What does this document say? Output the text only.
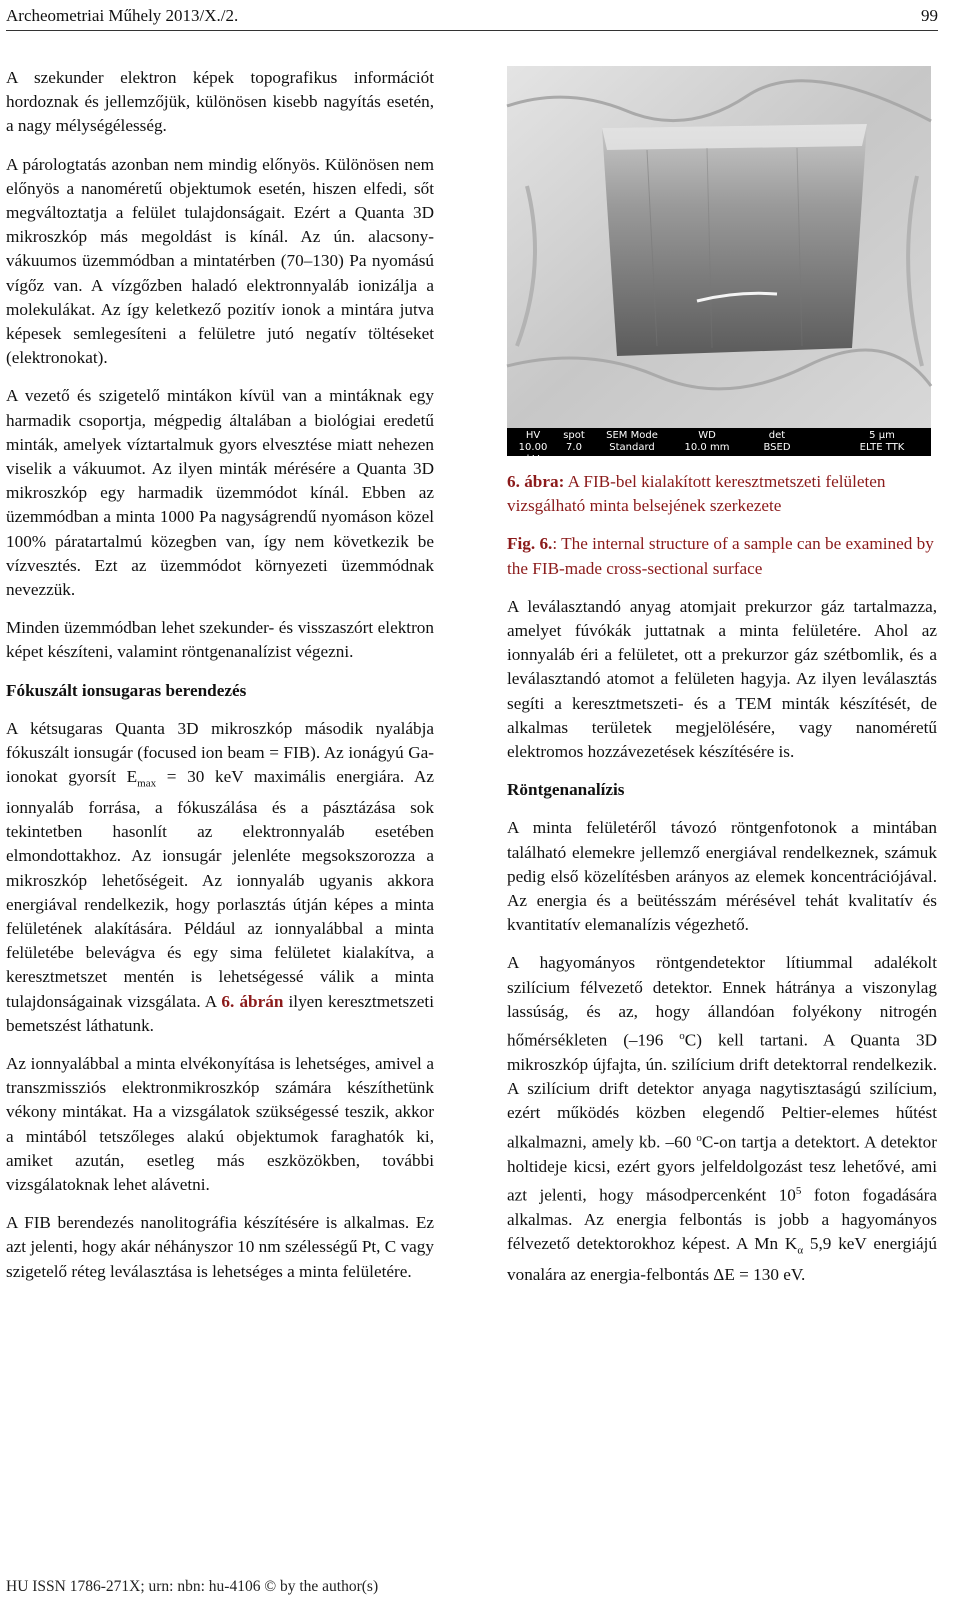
Archeometriai Műhely 2013/X./2.	99

A szekunder elektron képek topografikus információt hordoznak és jellemzőjük, különösen kisebb nagyítás esetén, a nagy mélységélesség.

A párologtatás azonban nem mindig előnyös. Különösen nem előnyös a nanoméretű objektumok esetén, hiszen elfedi, sőt megváltoztatja a felület tulajdonságait. Ezért a Quanta 3D mikroszkóp más megoldást is kínál. Az ún. alacsony-vákuumos üzemmódban a mintatérben (70–130) Pa nyomású vígőz van. A vízgőzben haladó elektronnyaláb ionizálja a molekulákat. Az így keletkező pozitív ionok a mintára jutva képesek semlegesíteni a felületre jutó negatív töltéseket (elektronokat).

A vezető és szigetelő mintákon kívül van a mintáknak egy harmadik csoportja, mégpedig általában a biológiai eredetű minták, amelyek víztartalmuk gyors elvesztése miatt nehezen viselik a vákuumot. Az ilyen minták mérésére a Quanta 3D mikroszkóp egy harmadik üzemmódot kínál. Ebben az üzemmódban a minta 1000 Pa nagyságrendű nyomáson közel 100% páratartalmú közegben van, így nem következik be vízvesztés. Ezt az üzemmódot környezeti üzemmódnak nevezzük.

Minden üzemmódban lehet szekunder- és visszaszórt elektron képet készíteni, valamint röntgenanalízist végezni.

Fókuszált ionsugaras berendezés

A kétsugaras Quanta 3D mikroszkóp második nyalábja fókuszált ionsugár (focused ion beam = FIB). Az ionágyú Ga-ionokat gyorsít $E_{max} = 30$ keV maximális energiára. Az ionnyaláb forrása, a fókuszálása és a pásztázása sok tekintetben hasonlít az elektronnyaláb esetében elmondottakhoz. Az ionsugár jelenléte megsokszorozza a mikroszkóp lehetőségeit. Az ionnyaláb ugyanis akkora energiával rendelkezik, hogy porlasztás útján képes a minta felületének alakítására. Például az ionnyalábbal a minta felületébe belevágva és egy sima felületet kialakítva, a keresztmetszet mentén is lehetségessé válik a minta tulajdonságainak vizsgálata. A 6. ábrán ilyen keresztmetszeti bemetszést láthatunk.

Az ionnyalábbal a minta elvékonyítása is lehetséges, amivel a transzmissziós elektronmikroszkóp számára készíthetünk vékony mintákat. Ha a vizsgálatok szükségessé teszik, akkor a mintából tetszőleges alakú objektumok faraghatók ki, amiket azután, esetleg más eszközökben, további vizsgálatoknak lehet alávetni.

A FIB berendezés nanolitográfia készítésére is alkalmas. Ez azt jelenti, hogy akár néhányszor 10 nm szélességű Pt, C vagy szigetelő réteg leválasztása is lehetséges a minta felületére.

HV
10.00 kV
spot
7.0
SEM Mode
Standard
WD
10.0 mm
det
BSED
5 µm
ELTE TTK

6. ábra: A FIB-bel kialakított keresztmetszeti felületen vizsgálható minta belsejének szerkezete

Fig. 6.: The internal structure of a sample can be examined by the FIB-made cross-sectional surface

A leválasztandó anyag atomjait prekurzor gáz tartalmazza, amelyet fúvókák juttatnak a minta felületére. Ahol az ionnyaláb éri a felületet, ott a prekurzor gáz szétbomlik, és a leválasztandó atomot a felületen hagyja. Az ilyen leválasztás segíti a keresztmetszeti- és a TEM minták készítését, de alkalmas területek megjelölésére, vagy nanoméretű elektromos hozzávezetések készítésére is.

Röntgenanalízis

A minta felületéről távozó röntgenfotonok a mintában található elemekre jellemző energiával rendelkeznek, számuk pedig első közelítésben arányos az elemek koncentrációjával. Az energia és a beütésszám mérésével tehát kvalitatív és kvantitatív elemanalízis végezhető.

A hagyományos röntgendetektor lítiummal adalékolt szilícium félvezető detektor. Ennek hátránya a viszonylag lassúság, és az, hogy állandóan folyékony nitrogén hőmérsékleten (–196 $^o$C) kell tartani. A Quanta 3D mikroszkóp újfajta, ún. szilícium drift detektorral rendelkezik. A szilícium drift detektor anyaga nagytisztaságú szilícium, ezért működés közben elegendő Peltier-elemes hűtést alkalmazni, amely kb. –60 $^o$C-on tartja a detektort. A detektor holtideje kicsi, ezért gyors jelfeldolgozást tesz lehetővé, ami azt jelenti, hogy másodpercenként $10^5$ foton fogadására alkalmas. Az energia felbontás is jobb a hagyományos félvezető detektorokhoz képest. A Mn $K_\alpha$ 5,9 keV energiájú vonalára az energia-felbontás ΔE = 130 eV.

HU ISSN 1786-271X; urn: nbn: hu-4106 © by the author(s)
